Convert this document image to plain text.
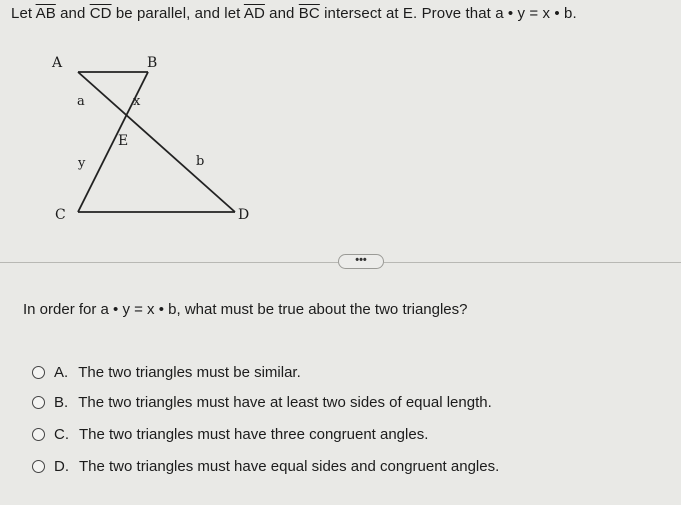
Let $\overline{AB}$ and $\overline{CD}$ be parallel, and let $\overline{AD}$ and $\overline{BC}$ intersect at E. Prove that a • y = x • b.
A	B
E
C	D
a	x
y	b
•••
In order for a • y = x • b, what must be true about the two triangles?
A. The two triangles must be similar.
B. The two triangles must have at least two sides of equal length.
C. The two triangles must have three congruent angles.
D. The two triangles must have equal sides and congruent angles.
